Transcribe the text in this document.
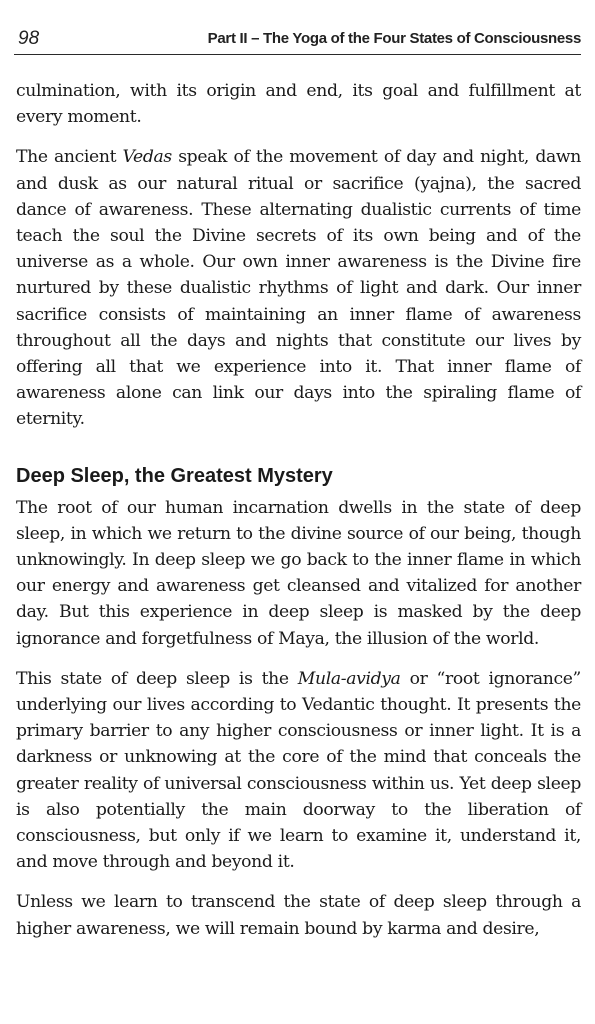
98	Part II – The Yoga of the Four States of Consciousness

culmination, with its origin and end, its goal and fulfillment at every moment.

The ancient Vedas speak of the movement of day and night, dawn and dusk as our natural ritual or sacrifice (yajna), the sacred dance of awareness. These alternating dualistic currents of time teach the soul the Divine secrets of its own being and of the universe as a whole. Our own inner awareness is the Divine fire nurtured by these dualistic rhythms of light and dark. Our inner sacrifice consists of maintaining an inner flame of awareness throughout all the days and nights that constitute our lives by offering all that we experience into it. That inner flame of awareness alone can link our days into the spiraling flame of eternity.

Deep Sleep, the Greatest Mystery

The root of our human incarnation dwells in the state of deep sleep, in which we return to the divine source of our being, though unknowingly. In deep sleep we go back to the inner flame in which our energy and awareness get cleansed and vitalized for another day. But this experience in deep sleep is masked by the deep ignorance and forgetfulness of Maya, the illusion of the world.

This state of deep sleep is the Mula-avidya or “root ignorance” underlying our lives according to Vedantic thought. It presents the primary barrier to any higher consciousness or inner light. It is a darkness or unknowing at the core of the mind that conceals the greater reality of universal consciousness within us. Yet deep sleep is also potentially the main doorway to the liberation of consciousness, but only if we learn to examine it, understand it, and move through and beyond it.

Unless we learn to transcend the state of deep sleep through a higher awareness, we will remain bound by karma and desire,
